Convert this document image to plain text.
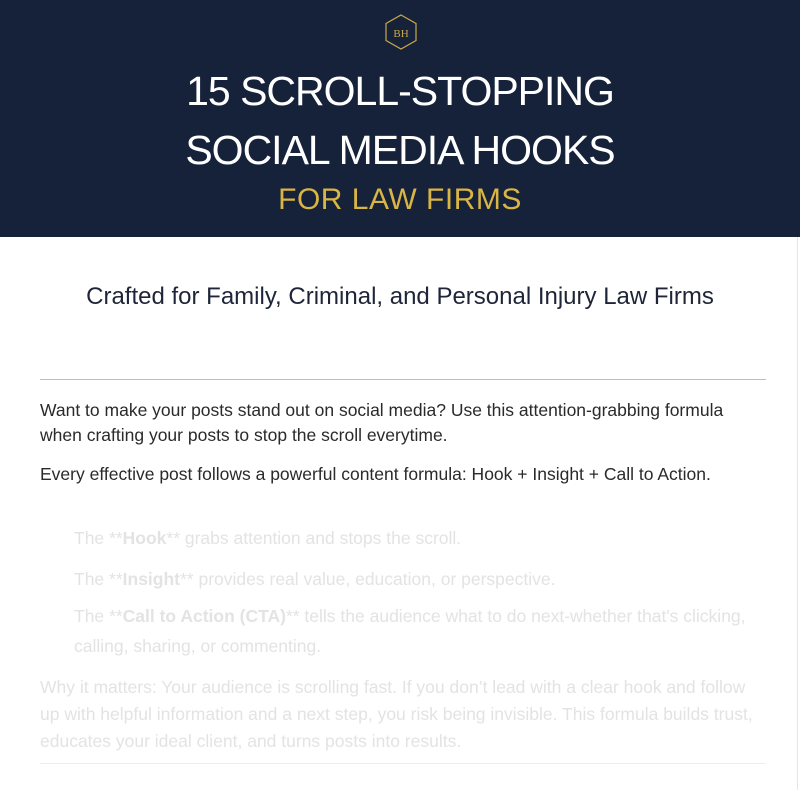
BH
15 SCROLL-STOPPING
SOCIAL MEDIA HOOKS
FOR LAW FIRMS
Crafted for Family, Criminal, and Personal Injury Law Firms
Want to make your posts stand out on social media? Use this attention-grabbing formula when crafting your posts to stop the scroll everytime.
Every effective post follows a powerful content formula: Hook + Insight + Call to Action.
The **Hook** grabs attention and stops the scroll.
The **Insight** provides real value, education, or perspective.
The **Call to Action (CTA)** tells the audience what to do next-whether that's clicking, calling, sharing, or commenting.
Why it matters: Your audience is scrolling fast. If you don’t lead with a clear hook and follow up with helpful information and a next step, you risk being invisible. This formula builds trust, educates your ideal client, and turns posts into results.
